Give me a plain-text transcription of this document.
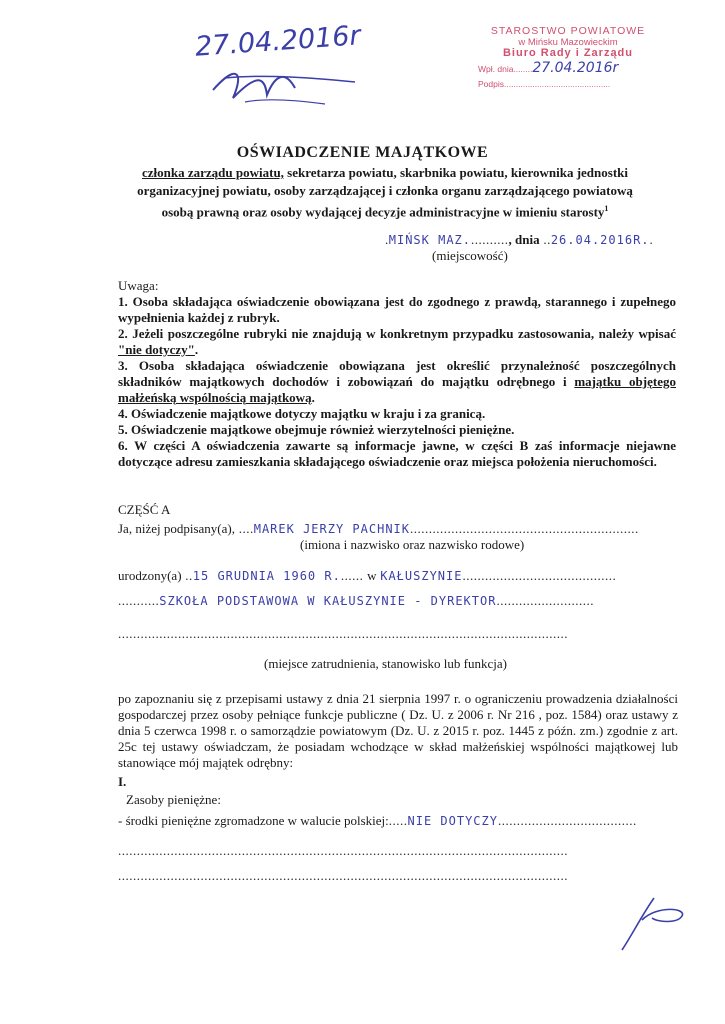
27.04.2016r	STAROSTWO POWIATOWE
w Mińsku Mazowieckim
Biuro Rady i Zarządu
Wpł. dnia........27.04.2016r
Podpis.............................................
OŚWIADCZENIE MAJĄTKOWE
członka zarządu powiatu, sekretarza powiatu, skarbnika powiatu, kierownika jednostki
organizacyjnej powiatu, osoby zarządzającej i członka organu zarządzającego powiatową
osobą prawną oraz osoby wydającej decyzje administracyjne w imieniu starosty$^1$
.MIŃSK MAZ..........., dnia ..26.04.2016R..
(miejscowość)

Uwaga:

1. Osoba składająca oświadczenie obowiązana jest do zgodnego z prawdą, starannego i zupełnego wypełnienia każdej z rubryk.

2. Jeżeli poszczególne rubryki nie znajdują w konkretnym przypadku zastosowania, należy wpisać "nie dotyczy".

3. Osoba składająca oświadczenie obowiązana jest określić przynależność poszczególnych składników majątkowych dochodów i zobowiązań do majątku odrębnego i majątku objętego małżeńską wspólnością majątkową.

4. Oświadczenie majątkowe dotyczy majątku w kraju i za granicą.

5. Oświadczenie majątkowe obejmuje również wierzytelności pieniężne.

6. W części A oświadczenia zawarte są informacje jawne, w części B zaś informacje niejawne dotyczące adresu zamieszkania składającego oświadczenie oraz miejsca położenia nieruchomości.

CZĘŚĆ A
Ja, niżej podpisany(a), ....MAREK JERZY PACHNIK.............................................................
(imiona i nazwisko oraz nazwisko rodowe)
urodzony(a) ..15 GRUDNIA 1960 R....... w KAŁUSZYNIE.........................................
...........SZKOŁA PODSTAWOWA W KAŁUSZYNIE - DYREKTOR..........................
........................................................................................................................
(miejsce zatrudnienia, stanowisko lub funkcja)
po zapoznaniu się z przepisami ustawy z dnia 21 sierpnia 1997 r. o ograniczeniu prowadzenia działalności gospodarczej przez osoby pełniące funkcje publiczne ( Dz. U. z 2006 r. Nr 216 , poz. 1584) oraz ustawy z dnia 5 czerwca 1998 r. o samorządzie powiatowym (Dz. U. z 2015 r. poz. 1445 z późn. zm.) zgodnie z art. 25c tej ustawy oświadczam, że posiadam wchodzące w skład małżeńskiej wspólności majątkowej lub stanowiące mój majątek odrębny:
I.
Zasoby pieniężne:
- środki pieniężne zgromadzone w walucie polskiej:.....NIE DOTYCZY.....................................
........................................................................................................................
........................................................................................................................
